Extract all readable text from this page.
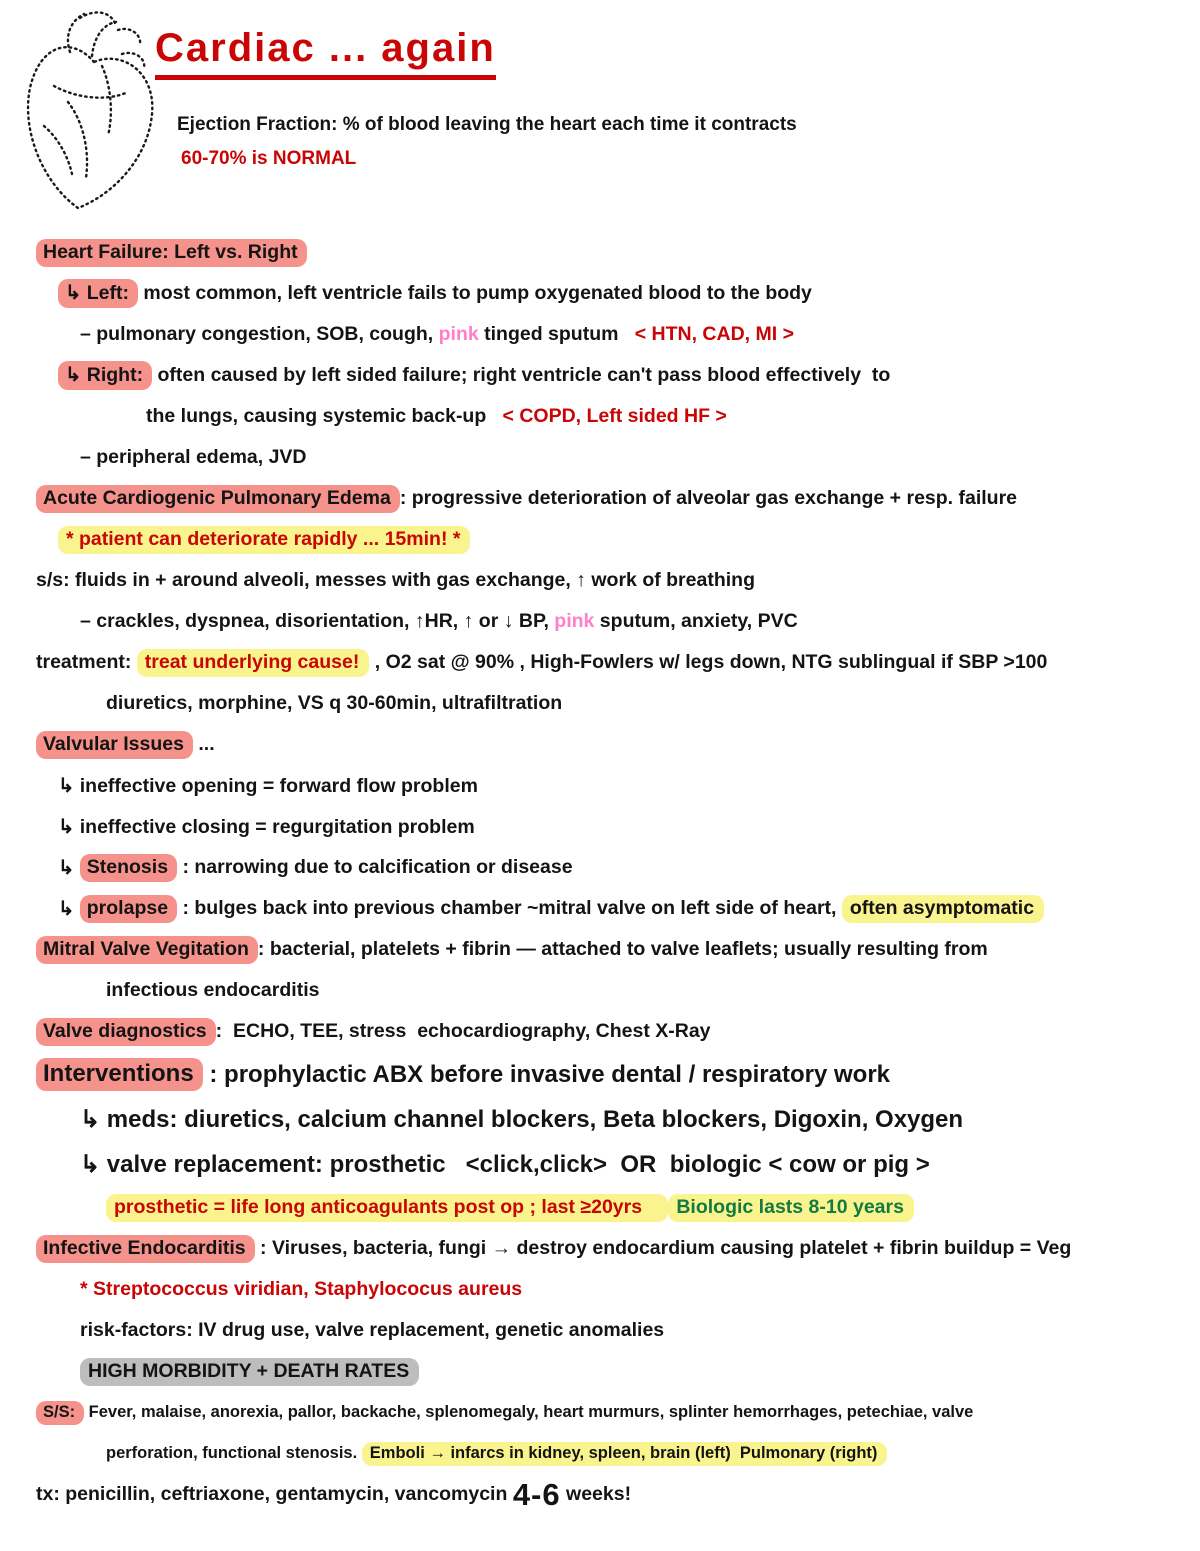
Cardiac ... again
Ejection Fraction: % of blood leaving the heart each time it contracts
60-70% is NORMAL
Heart Failure: Left vs. Right
↳ Left: most common, left ventricle fails to pump oxygenated blood to the body
– pulmonary congestion, SOB, cough, pink tinged sputum < HTN, CAD, MI >
↳ Right: often caused by left sided failure; right ventricle can't pass blood effectively  to
the lungs, causing systemic back-up < COPD, Left sided HF >
– peripheral edema, JVD
Acute Cardiogenic Pulmonary Edema : progressive deterioration of alveolar gas exchange + resp. failure
* patient can deteriorate rapidly ... 15min! *
s/s: fluids in + around alveoli, messes with gas exchange, ↑ work of breathing
– crackles, dyspnea, disorientation, ↑HR, ↑ or ↓ BP, pink sputum, anxiety, PVC
treatment: treat underlying cause! , O2 sat @ 90% , High-Fowlers w/ legs down, NTG sublingual if SBP >100
diuretics, morphine, VS q 30-60min, ultrafiltration
Valvular Issues ...
↳ ineffective opening = forward flow problem
↳ ineffective closing = regurgitation problem
↳ Stenosis : narrowing due to calcification or disease
↳ prolapse : bulges back into previous chamber ~mitral valve on left side of heart, often asymptomatic
Mitral Valve Vegitation : bacterial, platelets + fibrin — attached to valve leaflets; usually resulting from
infectious endocarditis
Valve diagnostics :  ECHO, TEE, stress  echocardiography, Chest X-Ray
Interventions : prophylactic ABX before invasive dental / respiratory work
↳ meds: diuretics, calcium channel blockers, Beta blockers, Digoxin, Oxygen
↳ valve replacement: prosthetic   <click,click>  OR  biologic < cow or pig >
prosthetic = life long anticoagulants post op ; last ≥20yrs Biologic lasts 8-10 years
Infective Endocarditis : Viruses, bacteria, fungi → destroy endocardium causing platelet + fibrin buildup = Veg
* Streptococcus viridian, Staphylococus aureus
risk-factors: IV drug use, valve replacement, genetic anomalies
HIGH MORBIDITY + DEATH RATES
S/S: Fever, malaise, anorexia, pallor, backache, splenomegaly, heart murmurs, splinter hemorrhages, petechiae, valve
perforation, functional stenosis. Emboli → infarcs in kidney, spleen, brain (left)  Pulmonary (right)
tx: penicillin, ceftriaxone, gentamycin, vancomycin 4-6 weeks!
